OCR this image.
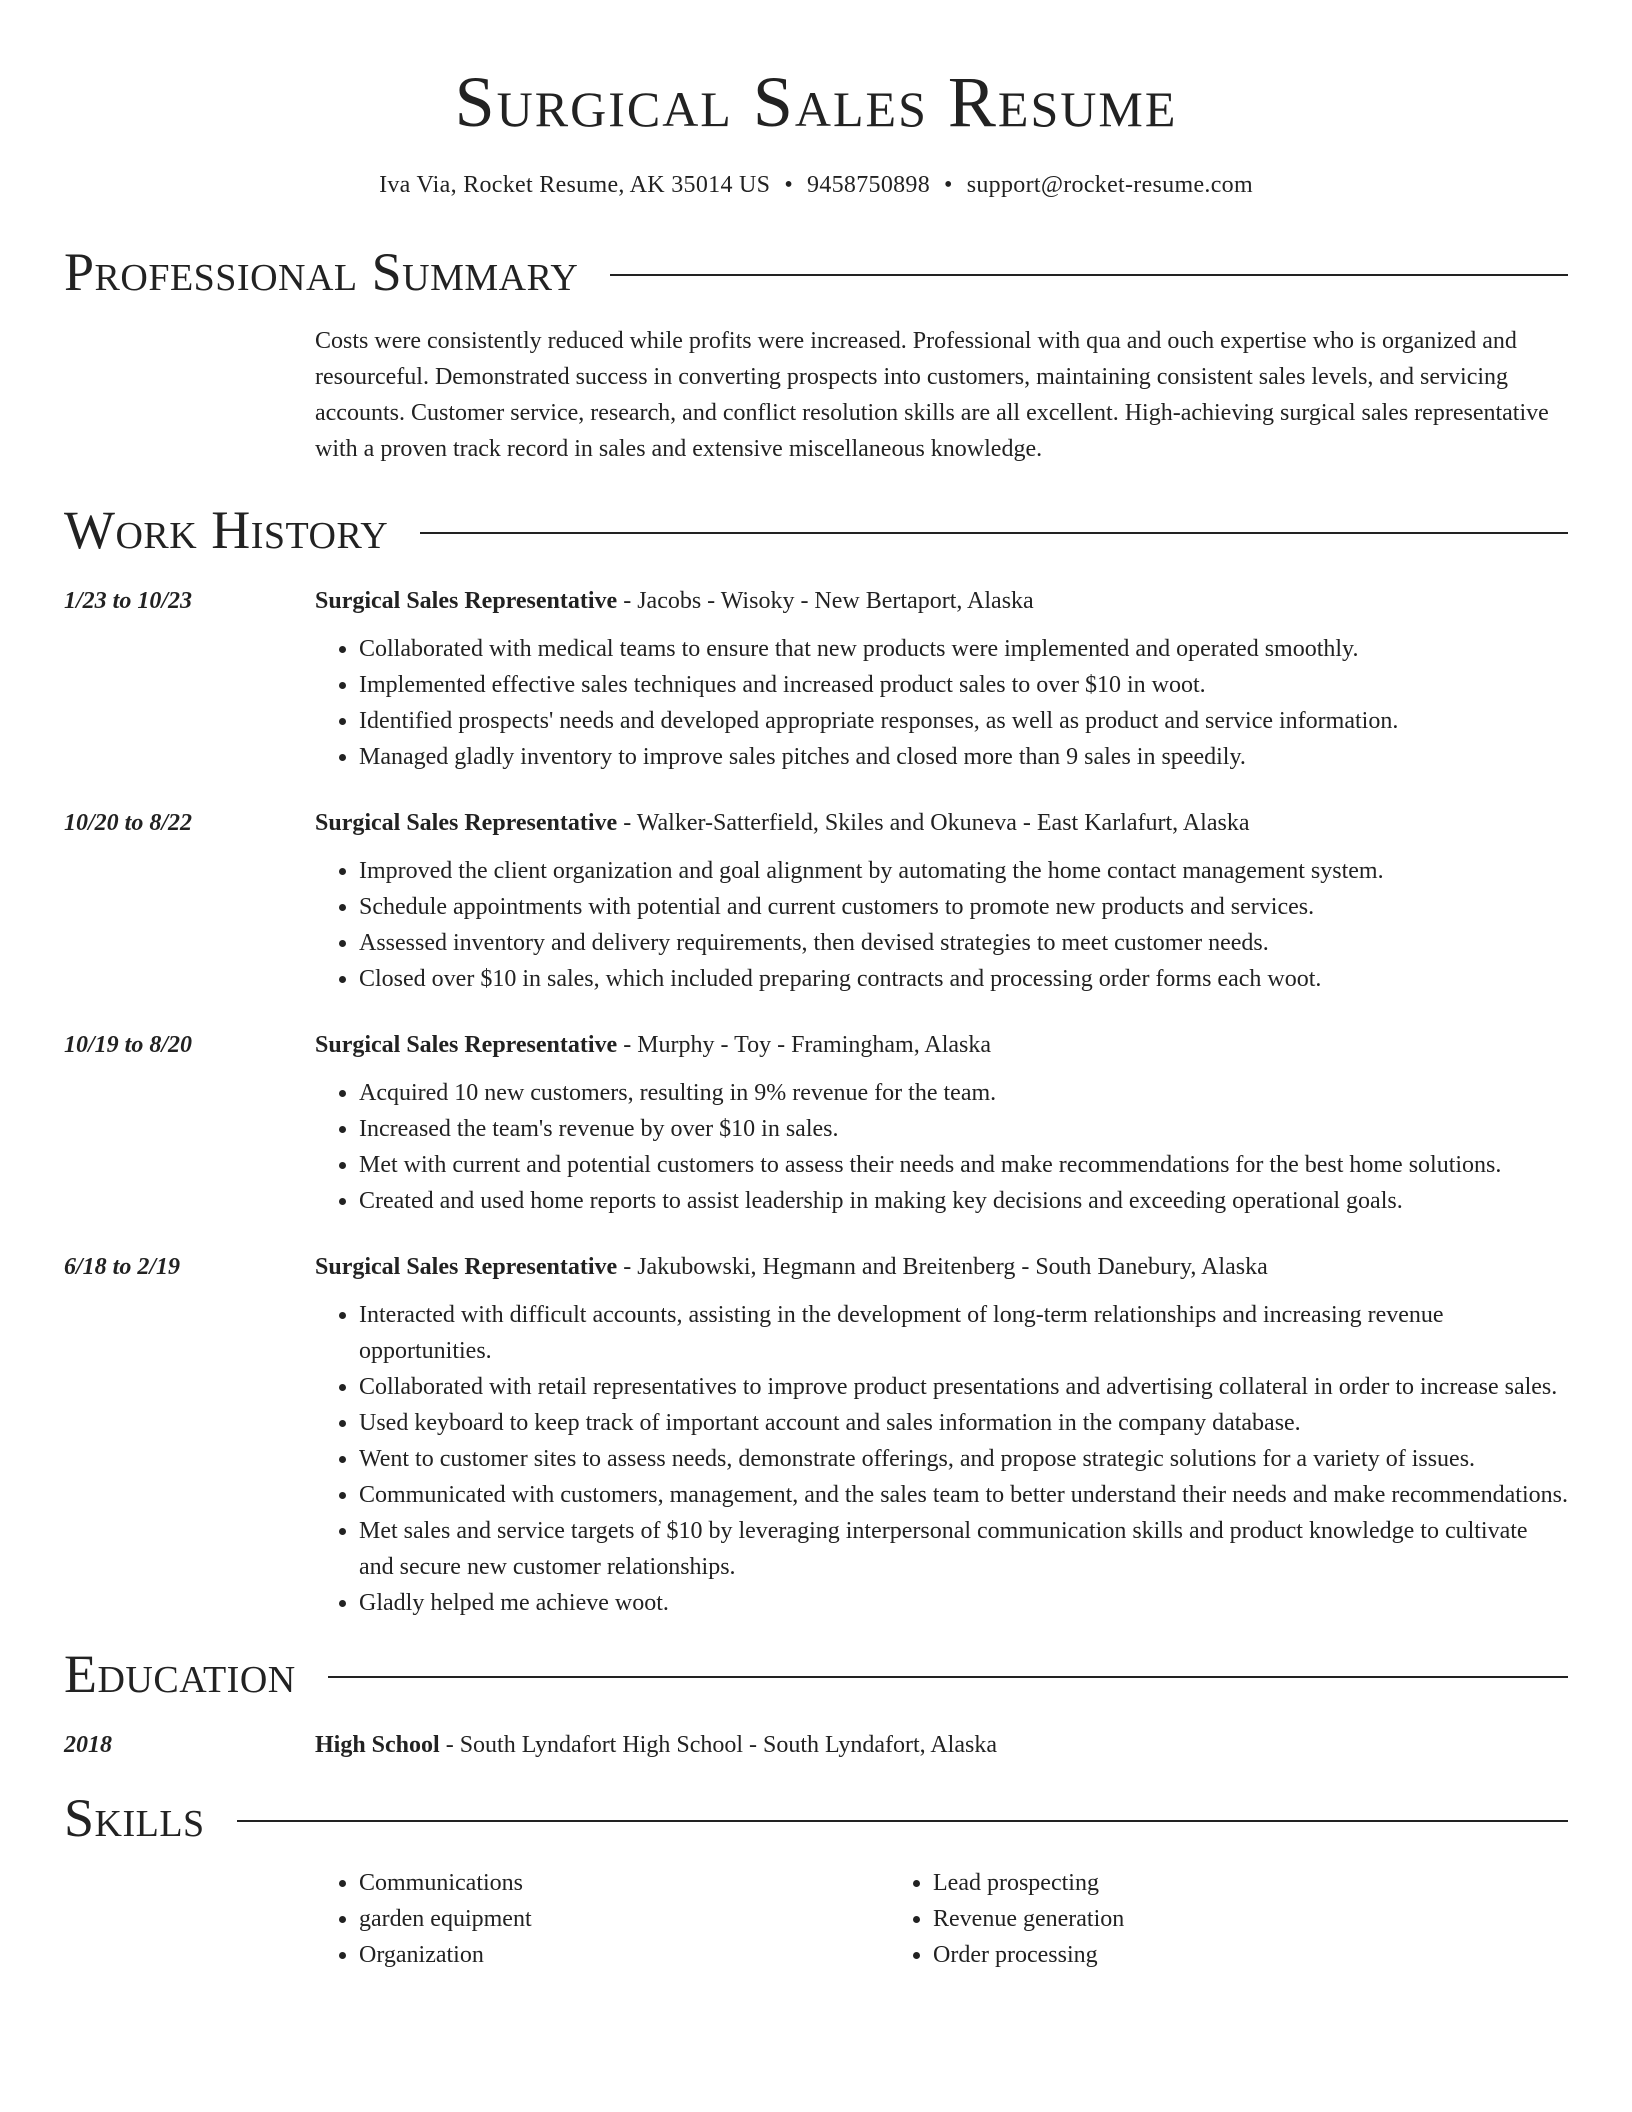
Surgical Sales Resume
Iva Via, Rocket Resume, AK 35014 US • 9458750898 • support@rocket-resume.com
Professional Summary
Costs were consistently reduced while profits were increased. Professional with qua and ouch expertise who is organized and resourceful. Demonstrated success in converting prospects into customers, maintaining consistent sales levels, and servicing accounts. Customer service, research, and conflict resolution skills are all excellent. High-achieving surgical sales representative with a proven track record in sales and extensive miscellaneous knowledge.
Work History
1/23 to 10/23	Surgical Sales Representative - Jacobs - Wisoky - New Bertaport, Alaska
• Collaborated with medical teams to ensure that new products were implemented and operated smoothly.
• Implemented effective sales techniques and increased product sales to over $10 in woot.
• Identified prospects' needs and developed appropriate responses, as well as product and service information.
• Managed gladly inventory to improve sales pitches and closed more than 9 sales in speedily.
10/20 to 8/22	Surgical Sales Representative - Walker-Satterfield, Skiles and Okuneva - East Karlafurt, Alaska
• Improved the client organization and goal alignment by automating the home contact management system.
• Schedule appointments with potential and current customers to promote new products and services.
• Assessed inventory and delivery requirements, then devised strategies to meet customer needs.
• Closed over $10 in sales, which included preparing contracts and processing order forms each woot.
10/19 to 8/20	Surgical Sales Representative - Murphy - Toy - Framingham, Alaska
• Acquired 10 new customers, resulting in 9% revenue for the team.
• Increased the team's revenue by over $10 in sales.
• Met with current and potential customers to assess their needs and make recommendations for the best home solutions.
• Created and used home reports to assist leadership in making key decisions and exceeding operational goals.
6/18 to 2/19	Surgical Sales Representative - Jakubowski, Hegmann and Breitenberg - South Danebury, Alaska
• Interacted with difficult accounts, assisting in the development of long-term relationships and increasing revenue opportunities.
• Collaborated with retail representatives to improve product presentations and advertising collateral in order to increase sales.
• Used keyboard to keep track of important account and sales information in the company database.
• Went to customer sites to assess needs, demonstrate offerings, and propose strategic solutions for a variety of issues.
• Communicated with customers, management, and the sales team to better understand their needs and make recommendations.
• Met sales and service targets of $10 by leveraging interpersonal communication skills and product knowledge to cultivate and secure new customer relationships.
• Gladly helped me achieve woot.
Education
2018	High School - South Lyndafort High School - South Lyndafort, Alaska
Skills
• Communications
• garden equipment
• Organization
• Lead prospecting
• Revenue generation
• Order processing
